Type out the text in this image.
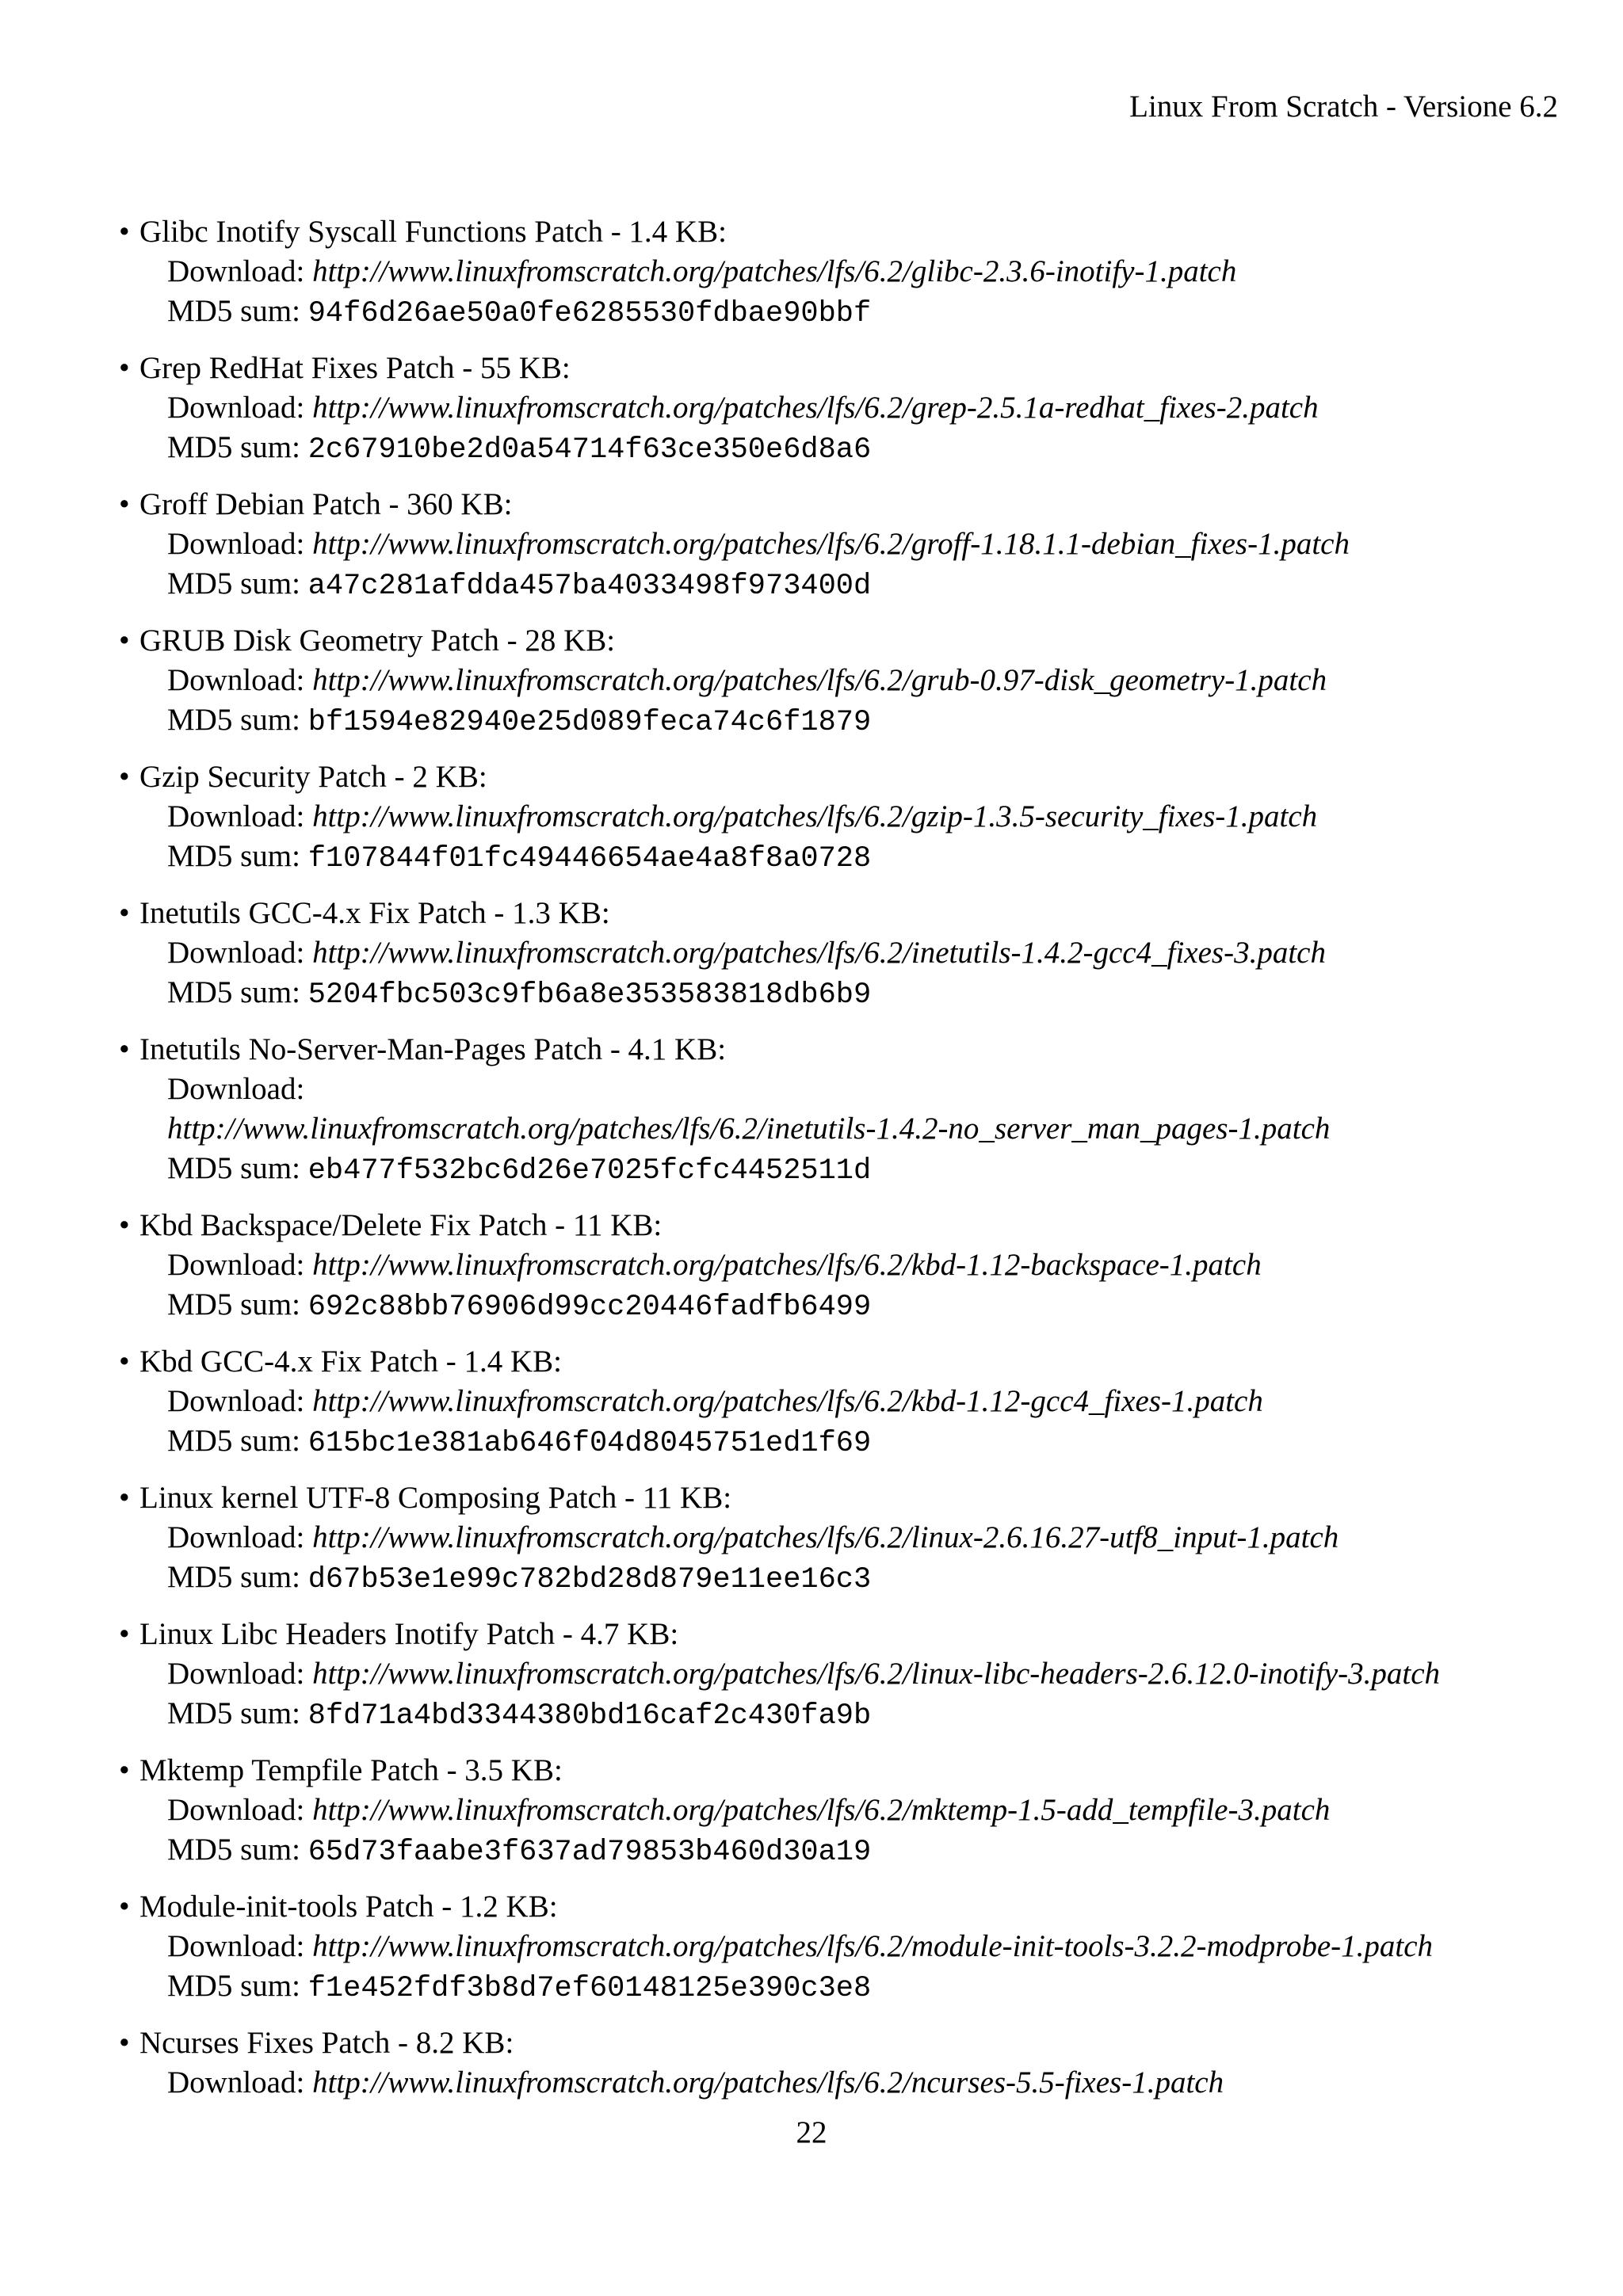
Linux From Scratch - Versione 6.2
• Glibc Inotify Syscall Functions Patch - 1.4 KB:
Download: http://www.linuxfromscratch.org/patches/lfs/6.2/glibc-2.3.6-inotify-1.patch
MD5 sum: 94f6d26ae50a0fe6285530fdbae90bbf
• Grep RedHat Fixes Patch - 55 KB:
Download: http://www.linuxfromscratch.org/patches/lfs/6.2/grep-2.5.1a-redhat_fixes-2.patch
MD5 sum: 2c67910be2d0a54714f63ce350e6d8a6
• Groff Debian Patch - 360 KB:
Download: http://www.linuxfromscratch.org/patches/lfs/6.2/groff-1.18.1.1-debian_fixes-1.patch
MD5 sum: a47c281afdda457ba4033498f973400d
• GRUB Disk Geometry Patch - 28 KB:
Download: http://www.linuxfromscratch.org/patches/lfs/6.2/grub-0.97-disk_geometry-1.patch
MD5 sum: bf1594e82940e25d089feca74c6f1879
• Gzip Security Patch - 2 KB:
Download: http://www.linuxfromscratch.org/patches/lfs/6.2/gzip-1.3.5-security_fixes-1.patch
MD5 sum: f107844f01fc49446654ae4a8f8a0728
• Inetutils GCC-4.x Fix Patch - 1.3 KB:
Download: http://www.linuxfromscratch.org/patches/lfs/6.2/inetutils-1.4.2-gcc4_fixes-3.patch
MD5 sum: 5204fbc503c9fb6a8e353583818db6b9
• Inetutils No-Server-Man-Pages Patch - 4.1 KB:
Download:
http://www.linuxfromscratch.org/patches/lfs/6.2/inetutils-1.4.2-no_server_man_pages-1.patch
MD5 sum: eb477f532bc6d26e7025fcfc4452511d
• Kbd Backspace/Delete Fix Patch - 11 KB:
Download: http://www.linuxfromscratch.org/patches/lfs/6.2/kbd-1.12-backspace-1.patch
MD5 sum: 692c88bb76906d99cc20446fadfb6499
• Kbd GCC-4.x Fix Patch - 1.4 KB:
Download: http://www.linuxfromscratch.org/patches/lfs/6.2/kbd-1.12-gcc4_fixes-1.patch
MD5 sum: 615bc1e381ab646f04d8045751ed1f69
• Linux kernel UTF-8 Composing Patch - 11 KB:
Download: http://www.linuxfromscratch.org/patches/lfs/6.2/linux-2.6.16.27-utf8_input-1.patch
MD5 sum: d67b53e1e99c782bd28d879e11ee16c3
• Linux Libc Headers Inotify Patch - 4.7 KB:
Download: http://www.linuxfromscratch.org/patches/lfs/6.2/linux-libc-headers-2.6.12.0-inotify-3.patch
MD5 sum: 8fd71a4bd3344380bd16caf2c430fa9b
• Mktemp Tempfile Patch - 3.5 KB:
Download: http://www.linuxfromscratch.org/patches/lfs/6.2/mktemp-1.5-add_tempfile-3.patch
MD5 sum: 65d73faabe3f637ad79853b460d30a19
• Module-init-tools Patch - 1.2 KB:
Download: http://www.linuxfromscratch.org/patches/lfs/6.2/module-init-tools-3.2.2-modprobe-1.patch
MD5 sum: f1e452fdf3b8d7ef60148125e390c3e8
• Ncurses Fixes Patch - 8.2 KB:
Download: http://www.linuxfromscratch.org/patches/lfs/6.2/ncurses-5.5-fixes-1.patch
22
